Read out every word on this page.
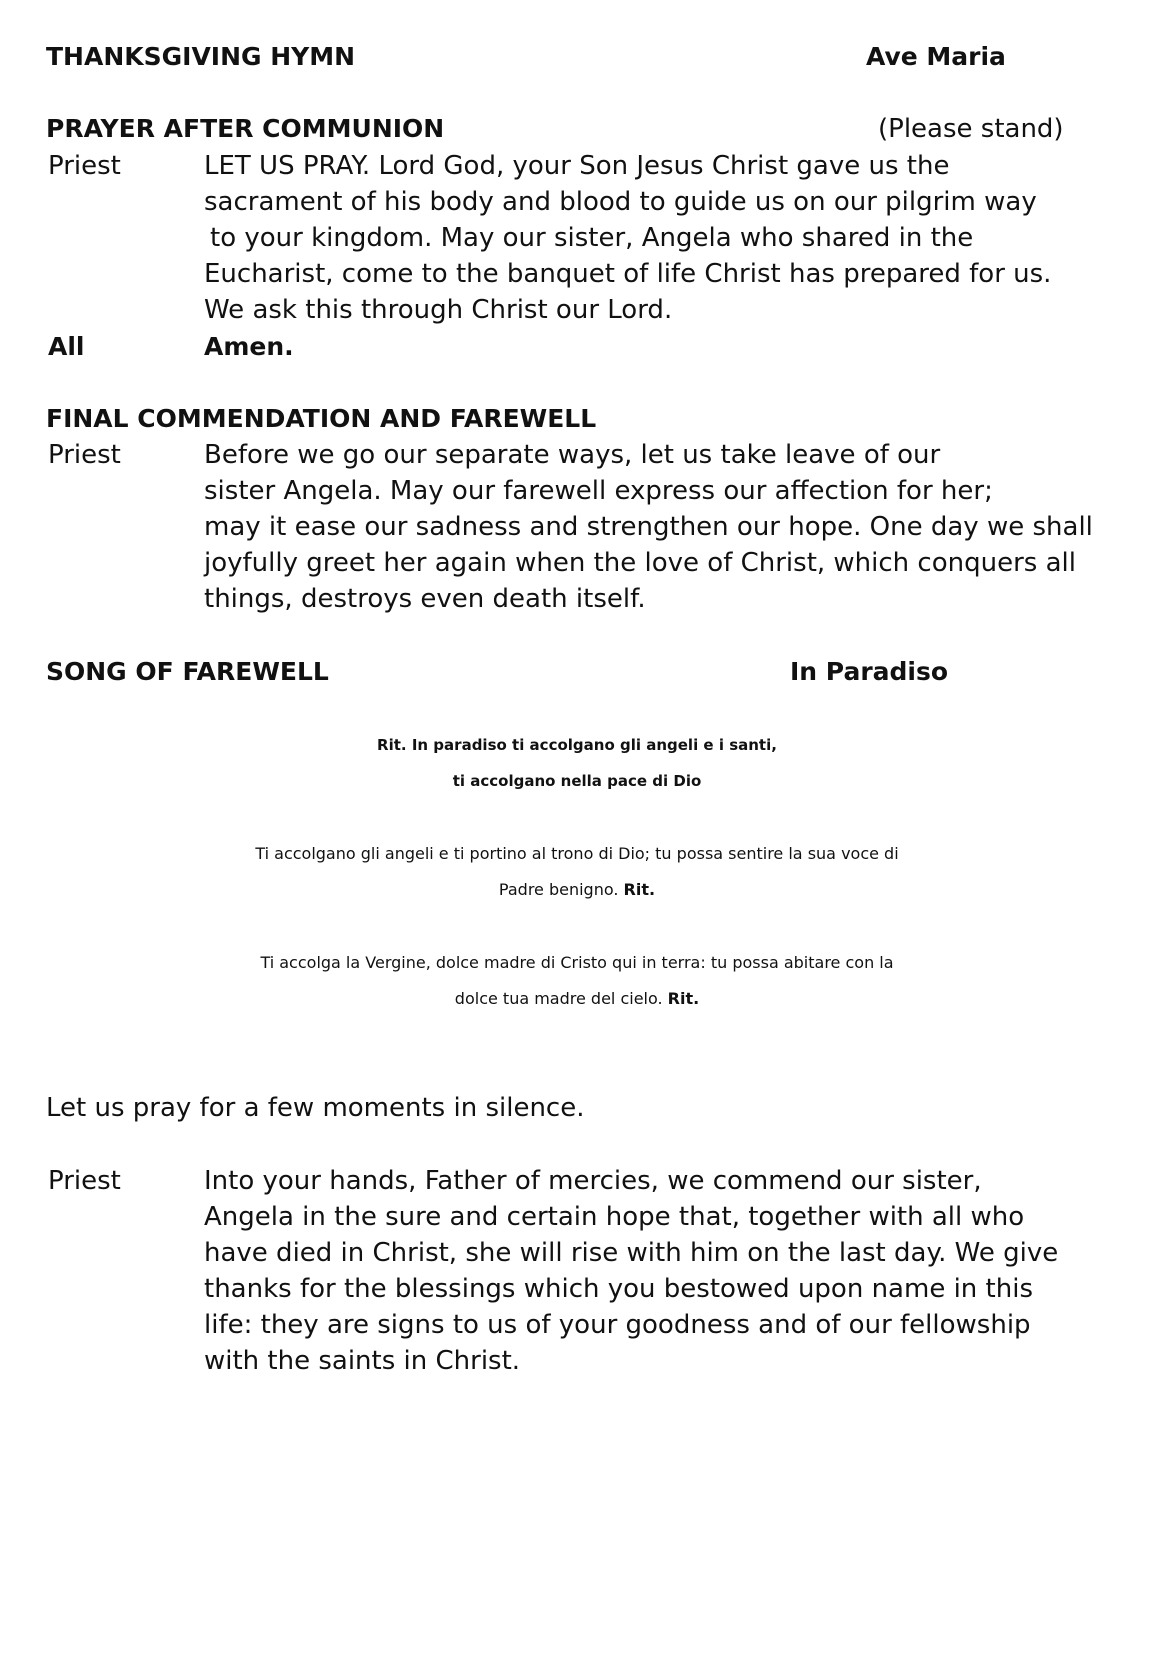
THANKSGIVING HYMN	Ave Maria
PRAYER AFTER COMMUNION	(Please stand)
Priest	LET US PRAY. Lord God, your Son Jesus Christ gave us the
sacrament of his body and blood to guide us on our pilgrim way
to your kingdom. May our sister, Angela who shared in the
Eucharist, come to the banquet of life Christ has prepared for us.
We ask this through Christ our Lord.
All	Amen.
FINAL COMMENDATION AND FAREWELL
Priest	Before we go our separate ways, let us take leave of our
sister Angela. May our farewell express our affection for her;
may it ease our sadness and strengthen our hope. One day we shall
joyfully greet her again when the love of Christ, which conquers all
things, destroys even death itself.
SONG OF FAREWELL	In Paradiso
Rit. In paradiso ti accolgano gli angeli e i santi,
ti accolgano nella pace di Dio
Ti accolgano gli angeli e ti portino al trono di Dio; tu possa sentire la sua voce di
Padre benigno. Rit.
Ti accolga la Vergine, dolce madre di Cristo qui in terra: tu possa abitare con la
dolce tua madre del cielo. Rit.
Let us pray for a few moments in silence.
Priest	Into your hands, Father of mercies, we commend our sister,
Angela in the sure and certain hope that, together with all who
have died in Christ, she will rise with him on the last day. We give
thanks for the blessings which you bestowed upon name in this
life: they are signs to us of your goodness and of our fellowship
with the saints in Christ.
